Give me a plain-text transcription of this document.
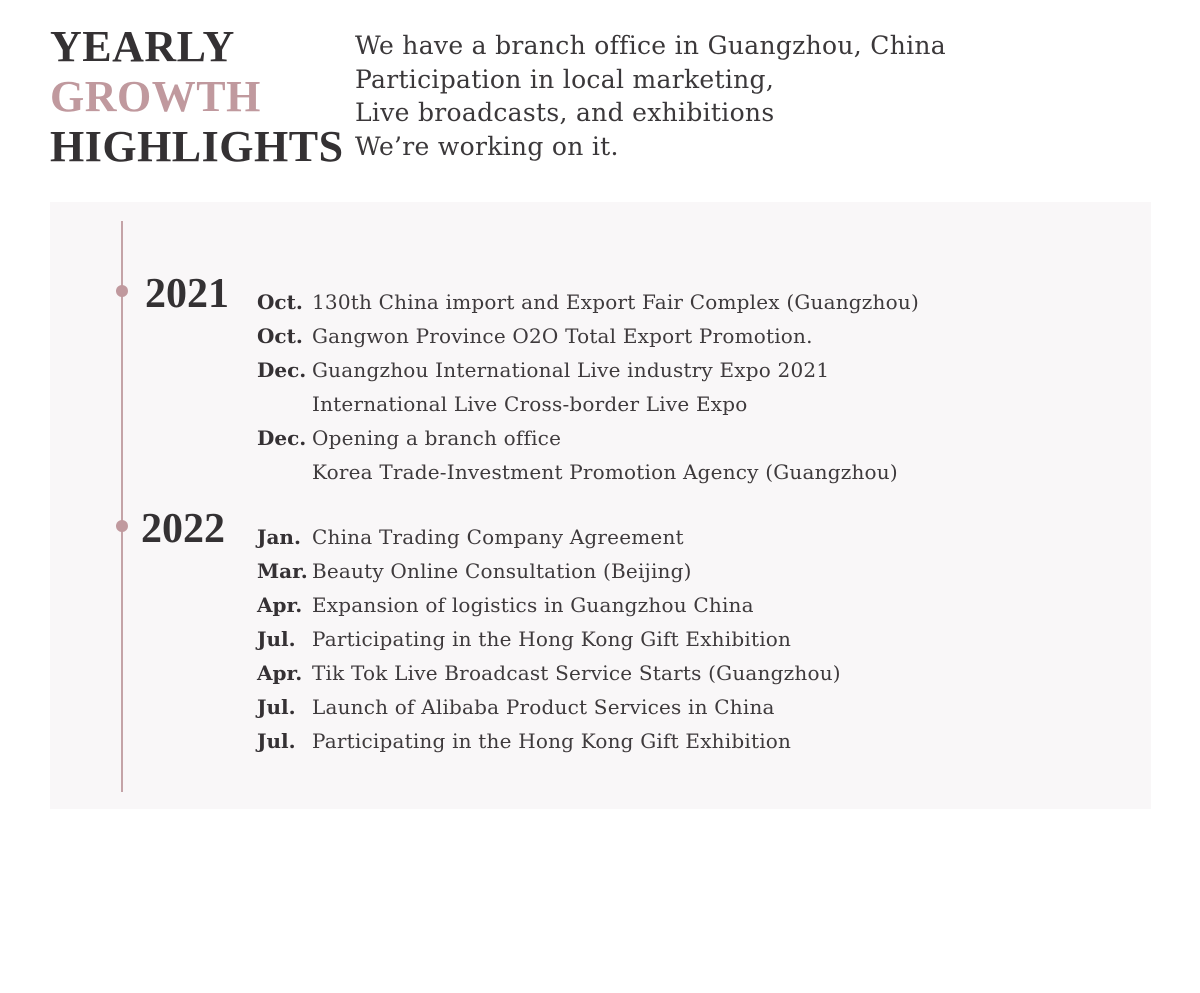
YEARLY
GROWTH
HIGHLIGHTS
We have a branch office in Guangzhou, China
Participation in local marketing,
Live broadcasts, and exhibitions
We’re working on it.
2021 Oct. 130th China import and Export Fair Complex (Guangzhou)
Oct. Gangwon Province O2O Total Export Promotion.
Dec. Guangzhou International Live industry Expo 2021
International Live Cross-border Live Expo
Dec. Opening a branch office
Korea Trade-Investment Promotion Agency (Guangzhou)
2022 Jan. China Trading Company Agreement
Mar. Beauty Online Consultation (Beijing)
Apr. Expansion of logistics in Guangzhou China
Jul. Participating in the Hong Kong Gift Exhibition
Apr. Tik Tok Live Broadcast Service Starts (Guangzhou)
Jul. Launch of Alibaba Product Services in China
Jul. Participating in the Hong Kong Gift Exhibition
